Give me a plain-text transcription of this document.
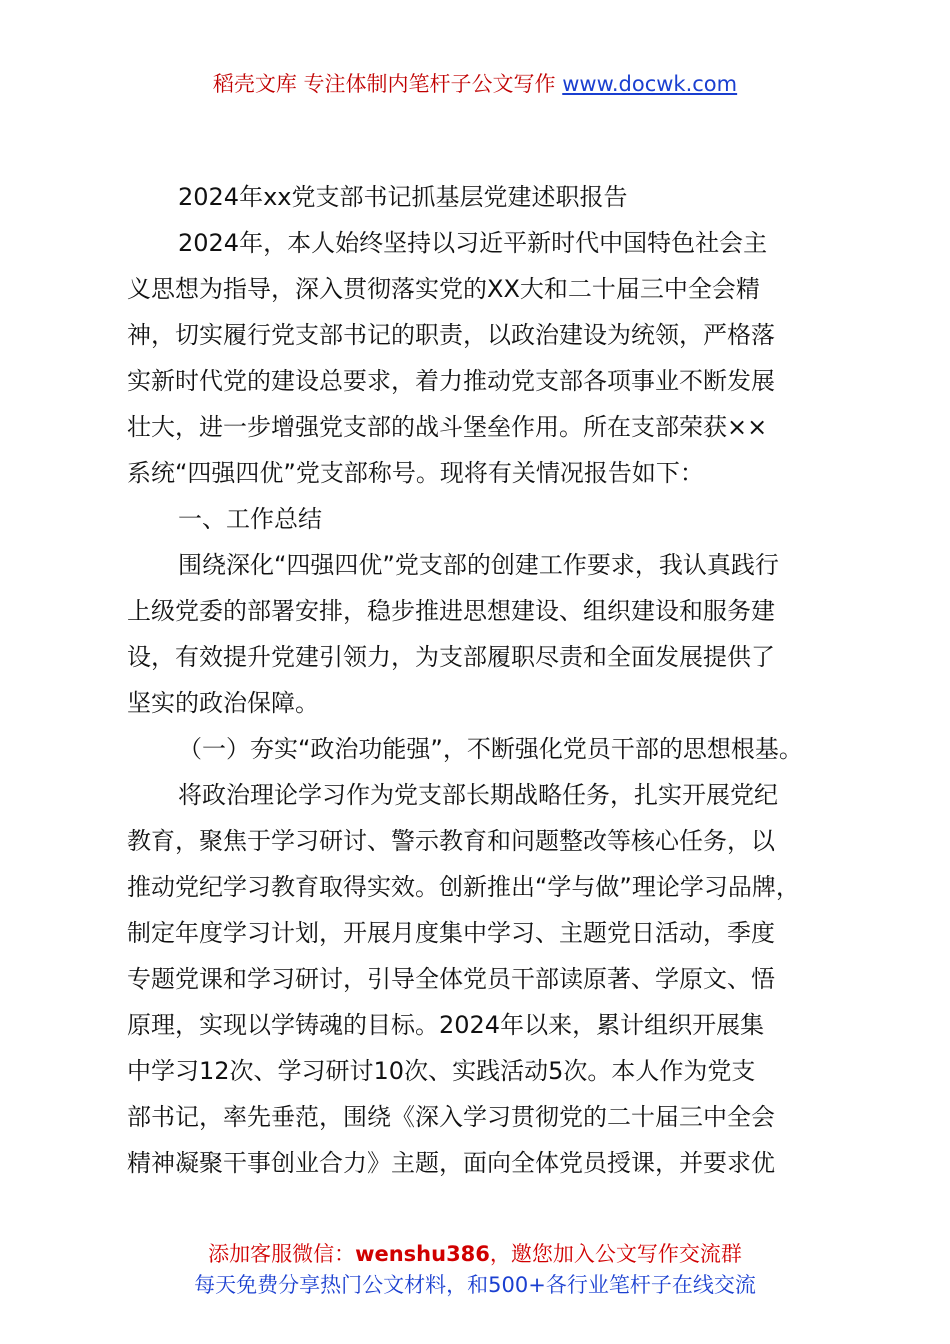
稻壳文库 专注体制内笔杆子公文写作 www.docwk.com

2024年xx党支部书记抓基层党建述职报告

2024年，本人始终坚持以习近平新时代中国特色社会主

义思想为指导，深入贯彻落实党的XX大和二十届三中全会精

神，切实履行党支部书记的职责，以政治建设为统领，严格落

实新时代党的建设总要求，着力推动党支部各项事业不断发展

壮大，进一步增强党支部的战斗堡垒作用。所在支部荣获××

系统“四强四优”党支部称号。现将有关情况报告如下：

一、工作总结

围绕深化“四强四优”党支部的创建工作要求，我认真践行

上级党委的部署安排，稳步推进思想建设、组织建设和服务建

设，有效提升党建引领力，为支部履职尽责和全面发展提供了

坚实的政治保障。

（一）夯实“政治功能强”，不断强化党员干部的思想根基。

将政治理论学习作为党支部长期战略任务，扎实开展党纪

教育，聚焦于学习研讨、警示教育和问题整改等核心任务，以

推动党纪学习教育取得实效。创新推出“学与做”理论学习品牌，

制定年度学习计划，开展月度集中学习、主题党日活动，季度

专题党课和学习研讨，引导全体党员干部读原著、学原文、悟

原理，实现以学铸魂的目标。2024年以来，累计组织开展集

中学习12次、学习研讨10次、实践活动5次。本人作为党支

部书记，率先垂范，围绕《深入学习贯彻党的二十届三中全会

精神凝聚干事创业合力》主题，面向全体党员授课，并要求优

添加客服微信：wenshu386，邀您加入公文写作交流群
每天免费分享热门公文材料，和500+各行业笔杆子在线交流
